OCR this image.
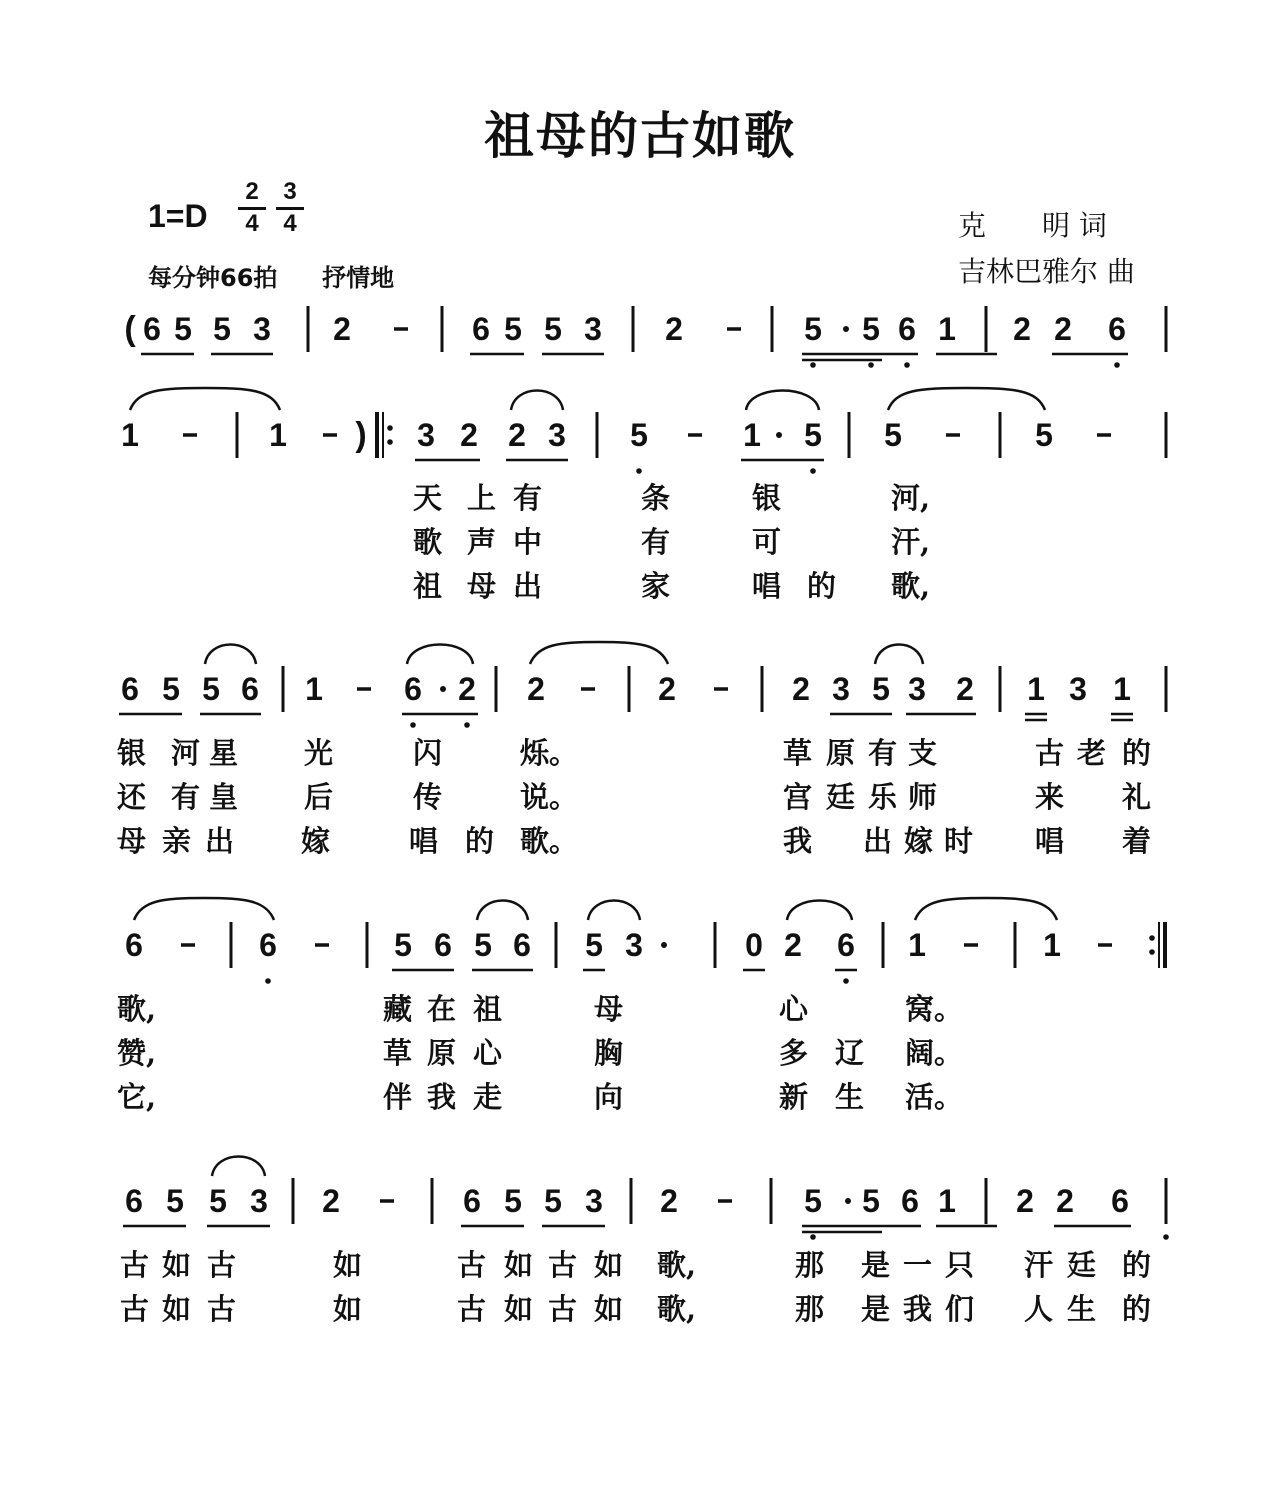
祖母的古如歌
$1=D \frac{2}{4} \frac{3}{4}$
每分钟66拍 抒情地
克　　明 词
吉林巴雅尔 曲
( 6 5 5 3 2	6 5 5 3 2	5 5 6 1 2 2 6
1	1 ) 3 2 2 3 5	1 5 5	5
6 5 5 6 1	6 2 2	2	2 3 5 3 2 1 3 1
6	6	5 6 5 6 5 3	0 2 6 1	1
6 5 5 3 2	6 5 5 3 2	5 5 6 1 2 2 6
天 上 有	条	银	河,
歌 声 中	有	可	汗,
祖 母 出	家	唱 的 歌,
银 河 星 光	闪	烁。	草 原 有 支	古 老 的
还 有 皇 后	传	说。	宫 廷 乐 师	来 礼
母 亲 出 嫁	唱 的 歌。	我 出 嫁 时 唱 着
歌,	藏 在 祖	母	心	窝。
赞,	草 原 心	胸	多 辽 阔。
它,	伴 我 走	向	新 生 活。
古 如 古	如	古 如 古 如 歌,	那 是 一 只 汗 廷 的
古 如 古	如	古 如 古 如 歌,	那 是 我 们 人 生 的
